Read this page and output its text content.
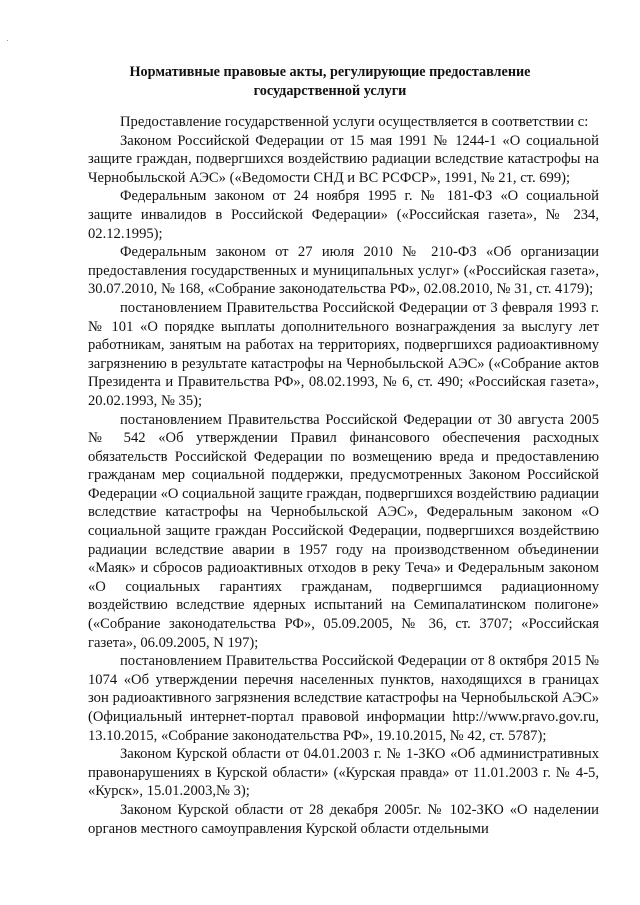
Нормативные правовые акты, регулирующие предоставление
государственной услуги

Предоставление государственной услуги осуществляется в соответствии с:

Законом Российской Федерации от 15 мая 1991 № 1244-1 «О социальной защите граждан, подвергшихся воздействию радиации вследствие катастрофы на Чернобыльской АЭС» («Ведомости СНД и ВС РСФСР», 1991, № 21, ст. 699);

Федеральным законом от 24 ноября 1995 г. № 181-ФЗ «О социальной защите инвалидов в Российской Федерации» («Российская газета», № 234, 02.12.1995);

Федеральным законом от 27 июля 2010 № 210-ФЗ «Об организации предоставления государственных и муниципальных услуг» («Российская газета», 30.07.2010, № 168, «Собрание законодательства РФ», 02.08.2010, № 31, ст. 4179);

постановлением Правительства Российской Федерации от 3 февраля 1993 г. № 101 «О порядке выплаты дополнительного вознаграждения за выслугу лет работникам, занятым на работах на территориях, подвергшихся радиоактивному загрязнению в результате катастрофы на Чернобыльской АЭС» («Собрание актов Президента и Правительства РФ», 08.02.1993, № 6, ст. 490; «Российская газета», 20.02.1993, № 35);

постановлением Правительства Российской Федерации от 30 августа 2005 № 542 «Об утверждении Правил финансового обеспечения расходных обязательств Российской Федерации по возмещению вреда и предоставлению гражданам мер социальной поддержки, предусмотренных Законом Российской Федерации «О социальной защите граждан, подвергшихся воздействию радиации вследствие катастрофы на Чернобыльской АЭС», Федеральным законом «О социальной защите граждан Российской Федерации, подвергшихся воздействию радиации вследствие аварии в 1957 году на производственном объединении «Маяк» и сбросов радиоактивных отходов в реку Теча» и Федеральным законом «О социальных гарантиях гражданам, подвергшимся радиационному воздействию вследствие ядерных испытаний на Семипалатинском полигоне» («Собрание законодательства РФ», 05.09.2005, № 36, ст. 3707; «Российская газета», 06.09.2005, N 197);

постановлением Правительства Российской Федерации от 8 октября 2015 № 1074 «Об утверждении перечня населенных пунктов, находящихся в границах зон радиоактивного загрязнения вследствие катастрофы на Чернобыльской АЭС» (Официальный интернет-портал правовой информации http://www.pravo.gov.ru, 13.10.2015, «Собрание законодательства РФ», 19.10.2015, № 42, ст. 5787);

Законом Курской области от 04.01.2003 г. № 1-ЗКО «Об административных правонарушениях в Курской области» («Курская правда» от 11.01.2003 г. № 4-5, «Курск», 15.01.2003,№ 3);

Законом Курской области от 28 декабря 2005г. № 102-ЗКО «О наделении органов местного самоуправления Курской области отдельными
